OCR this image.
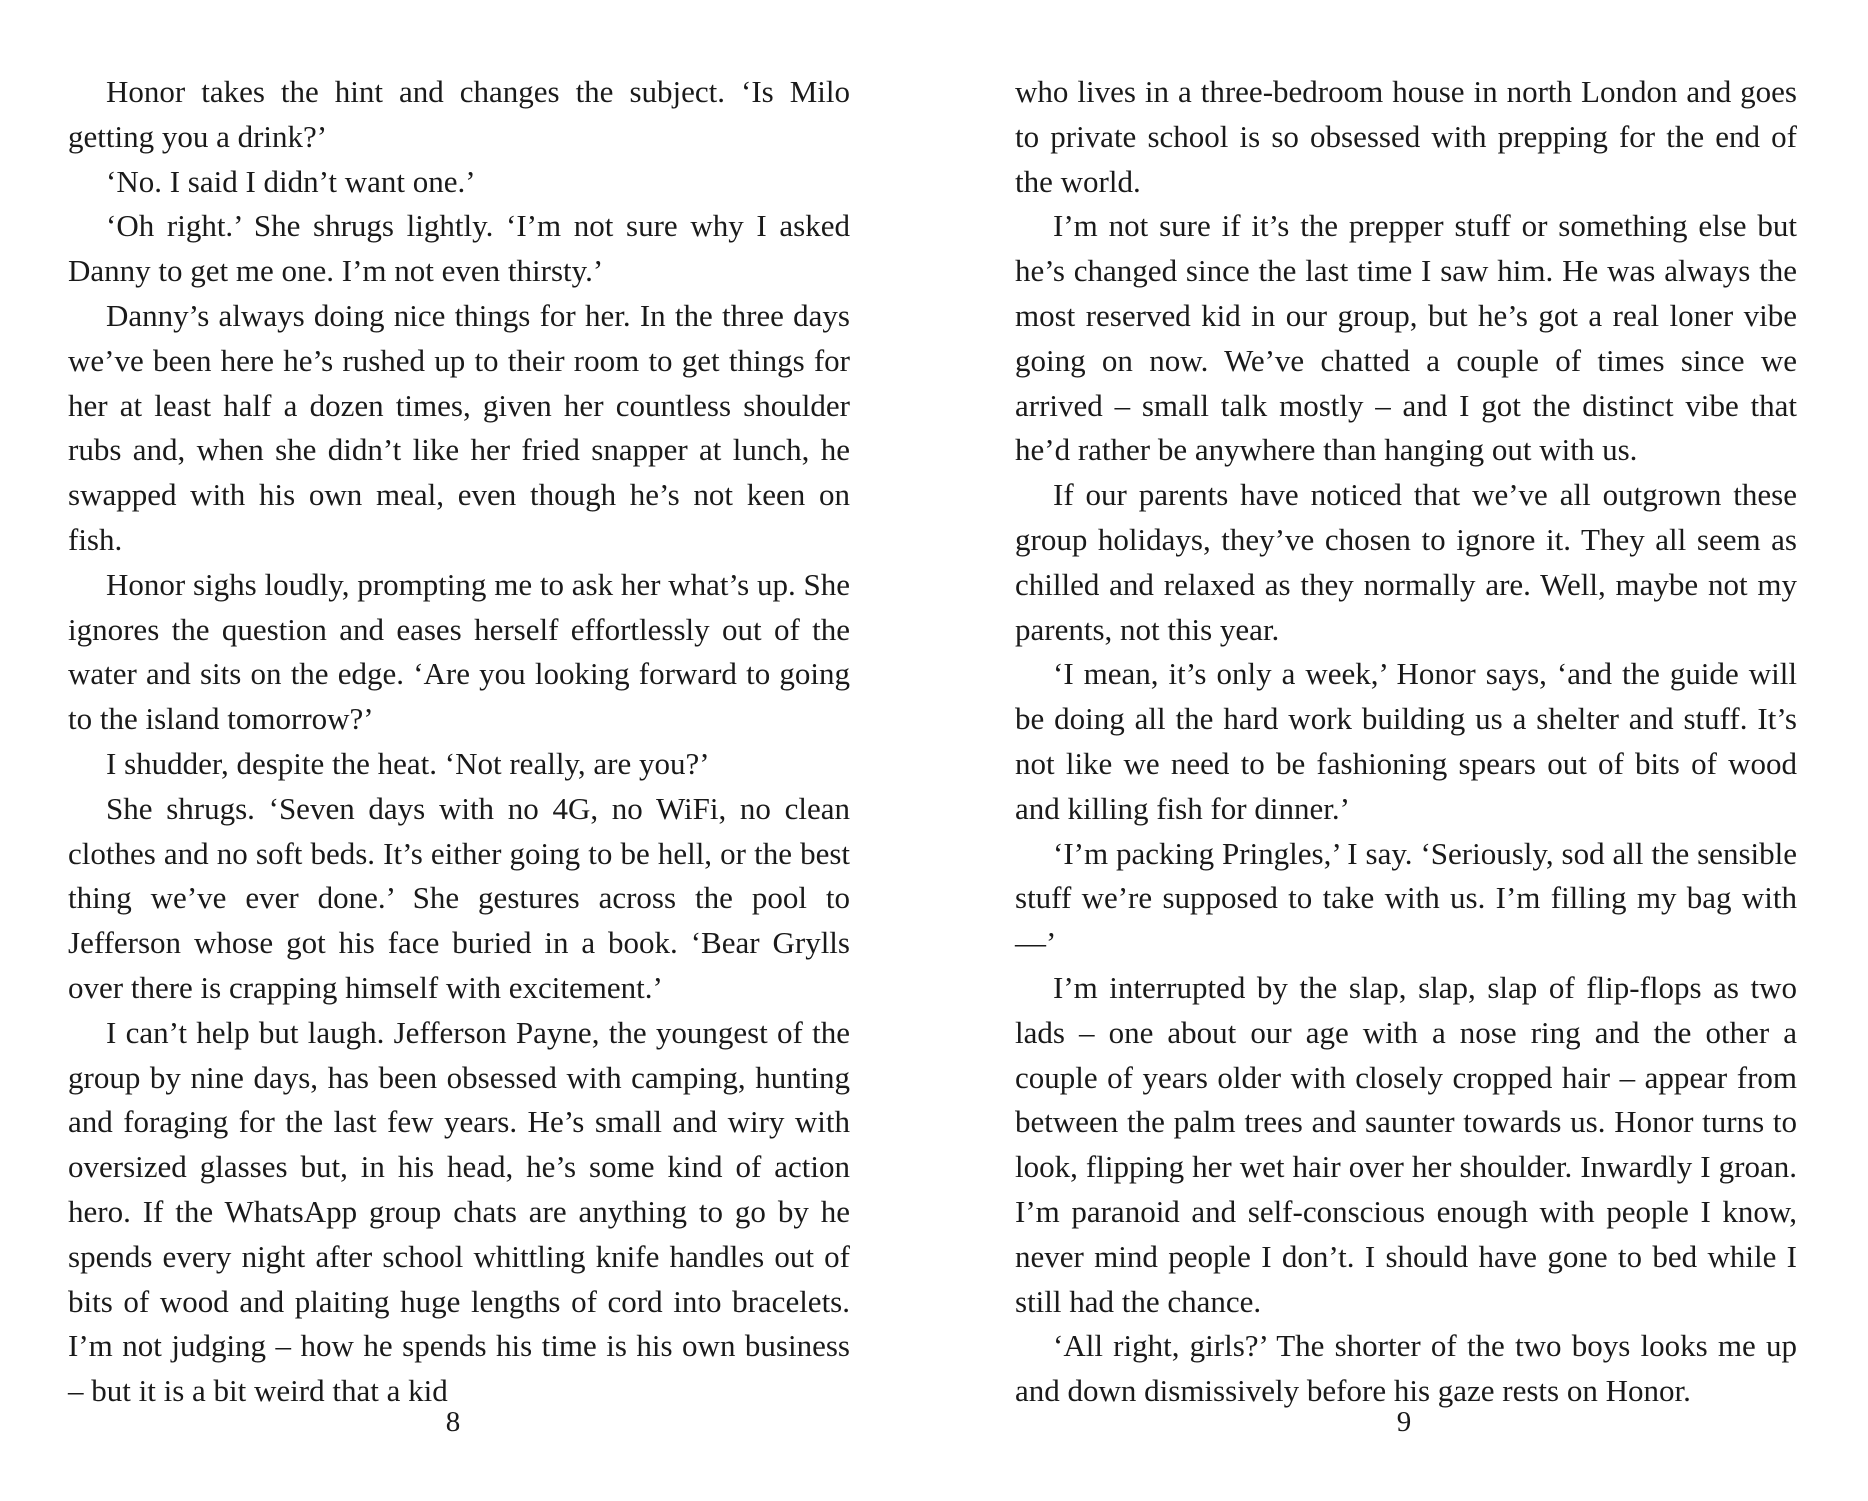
Honor takes the hint and changes the subject. ‘Is Milo getting you a drink?’

‘No. I said I didn’t want one.’

‘Oh right.’ She shrugs lightly. ‘I’m not sure why I asked Danny to get me one. I’m not even thirsty.’

Danny’s always doing nice things for her. In the three days we’ve been here he’s rushed up to their room to get things for her at least half a dozen times, given her countless shoulder rubs and, when she didn’t like her fried snapper at lunch, he swapped with his own meal, even though he’s not keen on fish.

Honor sighs loudly, prompting me to ask her what’s up. She ignores the question and eases herself effortlessly out of the water and sits on the edge. ‘Are you looking forward to going to the island tomorrow?’

I shudder, despite the heat. ‘Not really, are you?’

She shrugs. ‘Seven days with no 4G, no WiFi, no clean clothes and no soft beds. It’s either going to be hell, or the best thing we’ve ever done.’ She gestures across the pool to Jefferson whose got his face buried in a book. ‘Bear Grylls over there is crapping himself with excitement.’

I can’t help but laugh. Jefferson Payne, the youngest of the group by nine days, has been obsessed with camping, hunting and foraging for the last few years. He’s small and wiry with oversized glasses but, in his head, he’s some kind of action hero. If the WhatsApp group chats are anything to go by he spends every night after school whittling knife handles out of bits of wood and plaiting huge lengths of cord into bracelets. I’m not judging – how he spends his time is his own business – but it is a bit weird that a kid

8

who lives in a three-bedroom house in north London and goes to private school is so obsessed with prepping for the end of the world.

I’m not sure if it’s the prepper stuff or something else but he’s changed since the last time I saw him. He was always the most reserved kid in our group, but he’s got a real loner vibe going on now. We’ve chatted a couple of times since we arrived – small talk mostly – and I got the distinct vibe that he’d rather be anywhere than hanging out with us.

If our parents have noticed that we’ve all outgrown these group holidays, they’ve chosen to ignore it. They all seem as chilled and relaxed as they normally are. Well, maybe not my parents, not this year.

‘I mean, it’s only a week,’ Honor says, ‘and the guide will be doing all the hard work building us a shelter and stuff. It’s not like we need to be fashioning spears out of bits of wood and killing fish for dinner.’

‘I’m packing Pringles,’ I say. ‘Seriously, sod all the sensible stuff we’re supposed to take with us. I’m filling my bag with—’

I’m interrupted by the slap, slap, slap of flip-flops as two lads – one about our age with a nose ring and the other a couple of years older with closely cropped hair – appear from between the palm trees and saunter towards us. Honor turns to look, flipping her wet hair over her shoulder. Inwardly I groan. I’m paranoid and self-conscious enough with people I know, never mind people I don’t. I should have gone to bed while I still had the chance.

‘All right, girls?’ The shorter of the two boys looks me up and down dismissively before his gaze rests on Honor.

9
